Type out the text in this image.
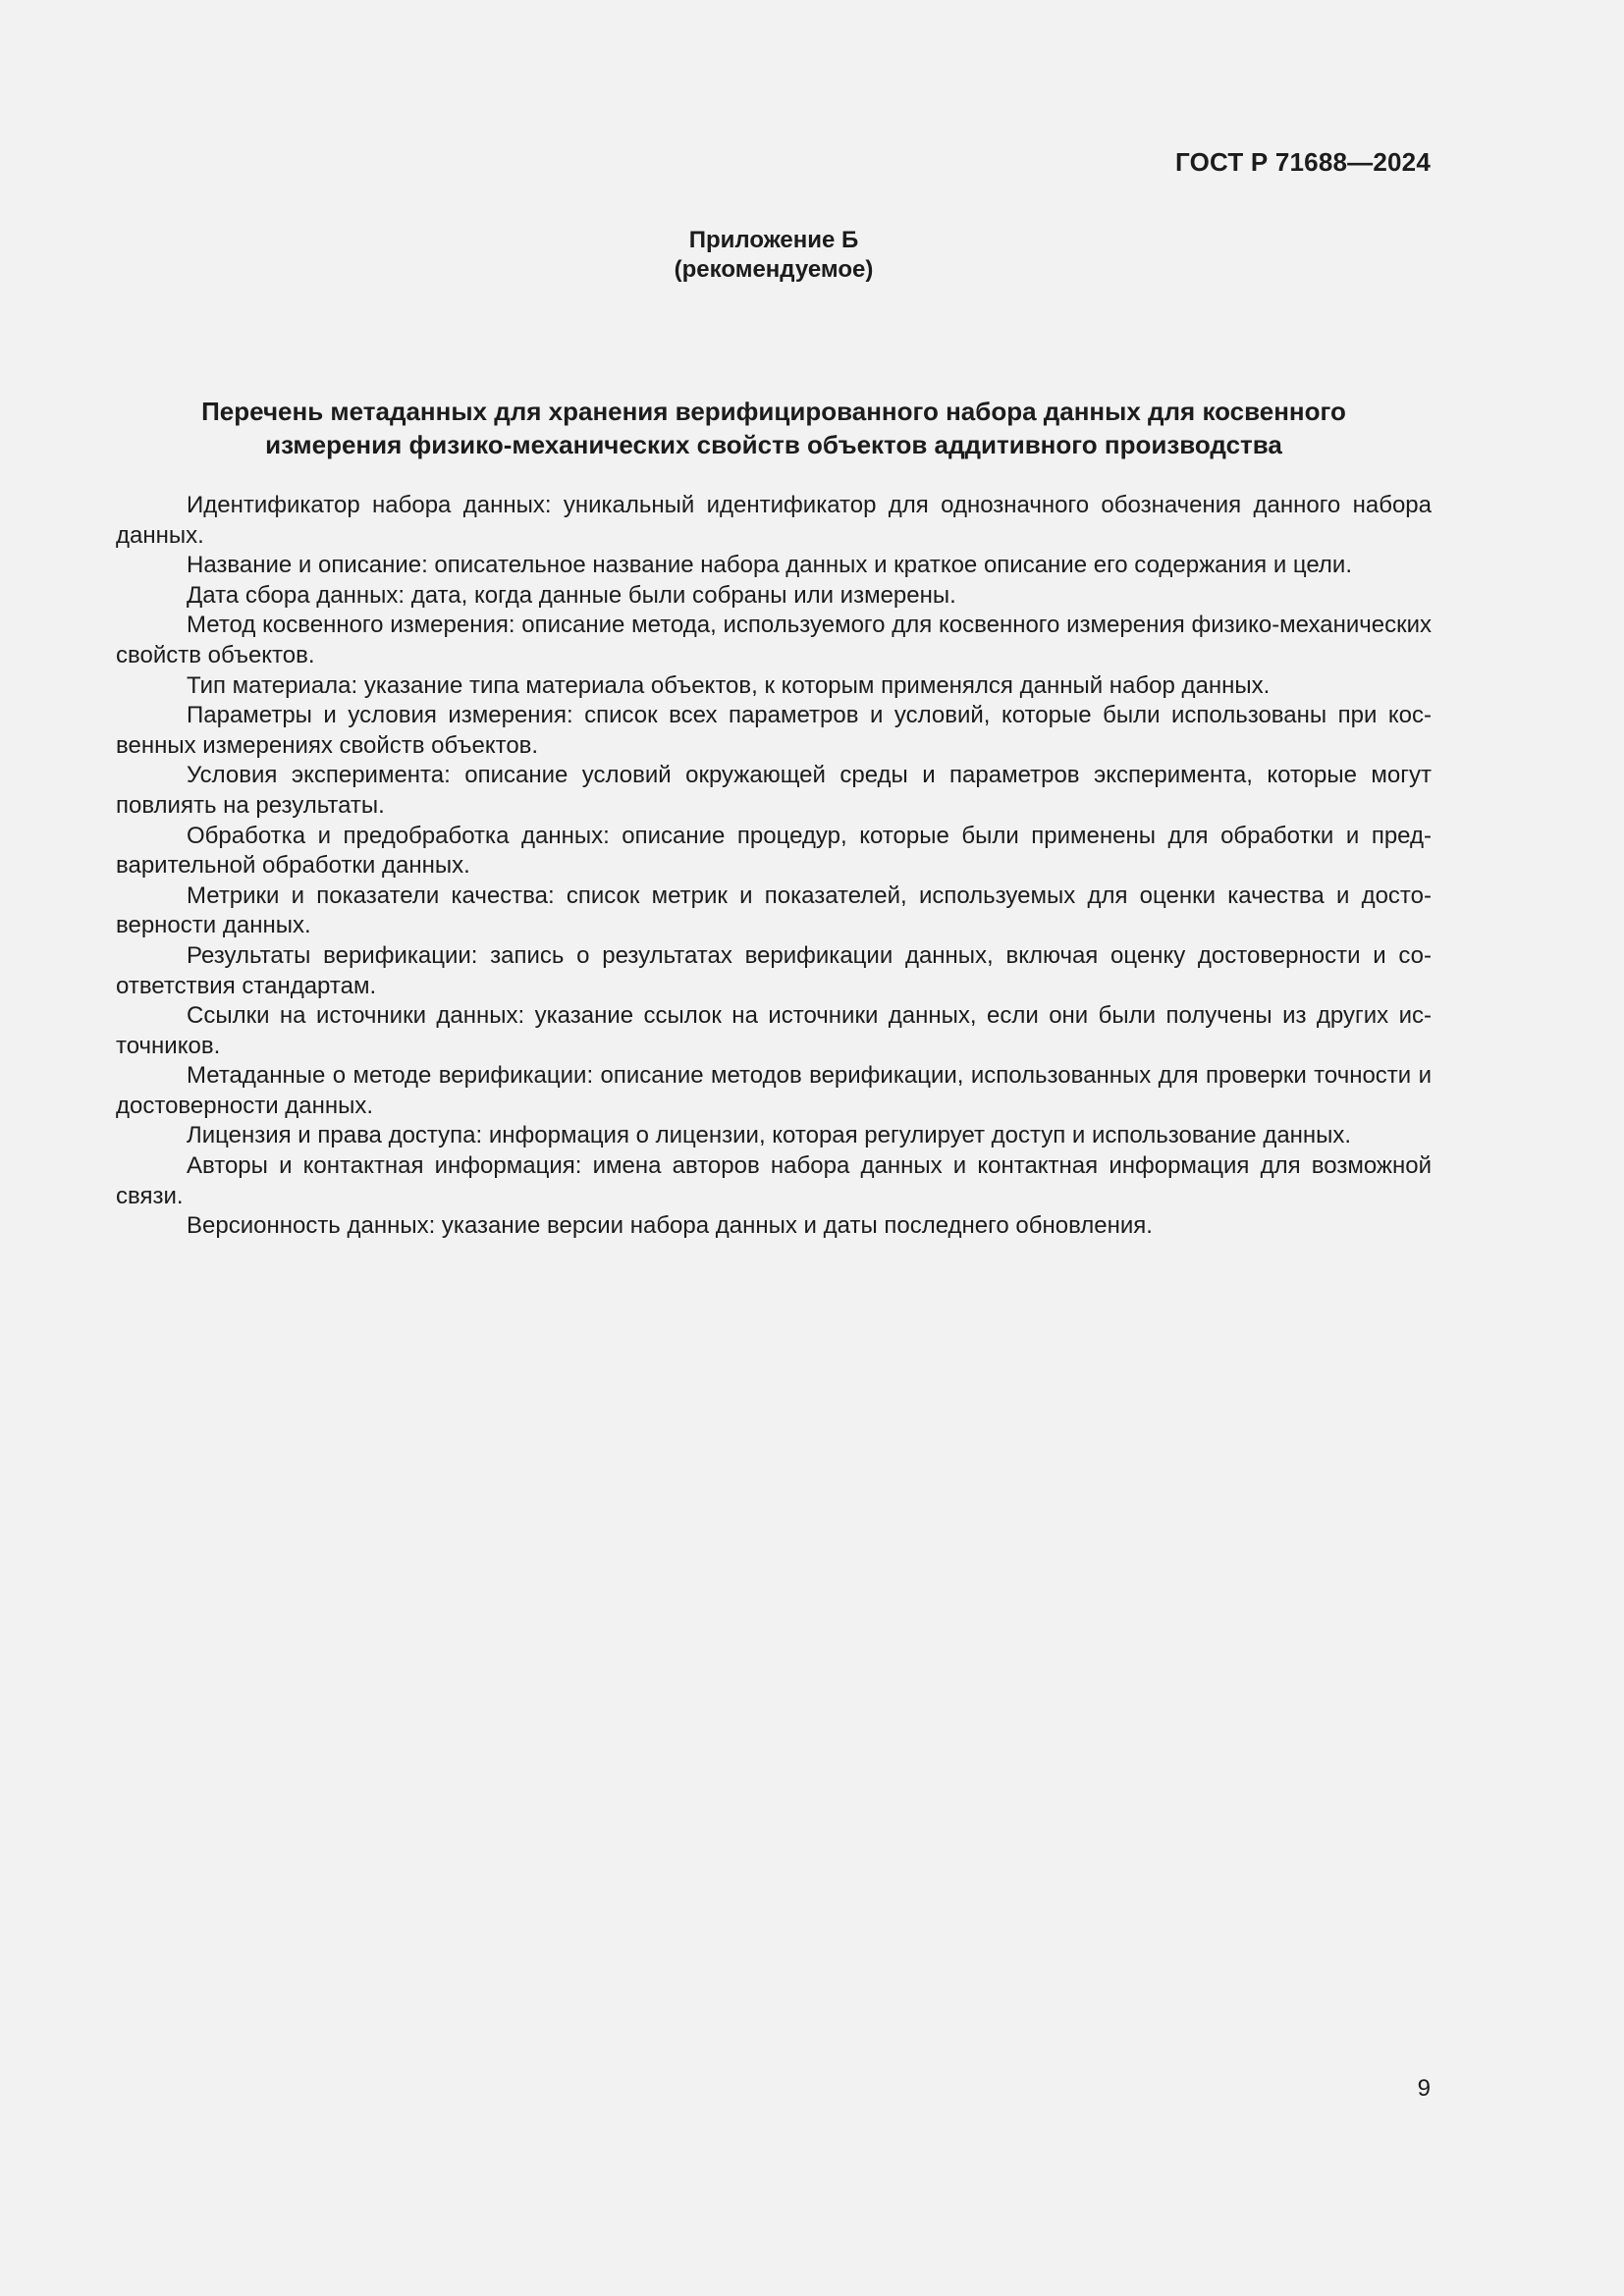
ГОСТ Р 71688—2024
Приложение Б
(рекомендуемое)
Перечень метаданных для хранения верифицированного набора данных для косвенного
измерения физико-механических свойств объектов аддитивного производства

Идентификатор набора данных: уникальный идентификатор для однозначного обозначения данного набора данных.

Название и описание: описательное название набора данных и краткое описание его содержания и цели.

Дата сбора данных: дата, когда данные были собраны или измерены.

Метод косвенного измерения: описание метода, используемого для косвенного измерения физико-механических свойств объектов.

Тип материала: указание типа материала объектов, к которым применялся данный набор данных.

Параметры и условия измерения: список всех параметров и условий, которые были использованы при косвенных измерениях свойств объектов.

Условия эксперимента: описание условий окружающей среды и параметров эксперимента, которые могут повлиять на результаты.

Обработка и предобработка данных: описание процедур, которые были применены для обработки и предварительной обработки данных.

Метрики и показатели качества: список метрик и показателей, используемых для оценки качества и достоверности данных.

Результаты верификации: запись о результатах верификации данных, включая оценку достоверности и соответствия стандартам.

Ссылки на источники данных: указание ссылок на источники данных, если они были получены из других источников.

Метаданные о методе верификации: описание методов верификации, использованных для проверки точности и достоверности данных.

Лицензия и права доступа: информация о лицензии, которая регулирует доступ и использование данных.

Авторы и контактная информация: имена авторов набора данных и контактная информация для возможной связи.

Версионность данных: указание версии набора данных и даты последнего обновления.

9
